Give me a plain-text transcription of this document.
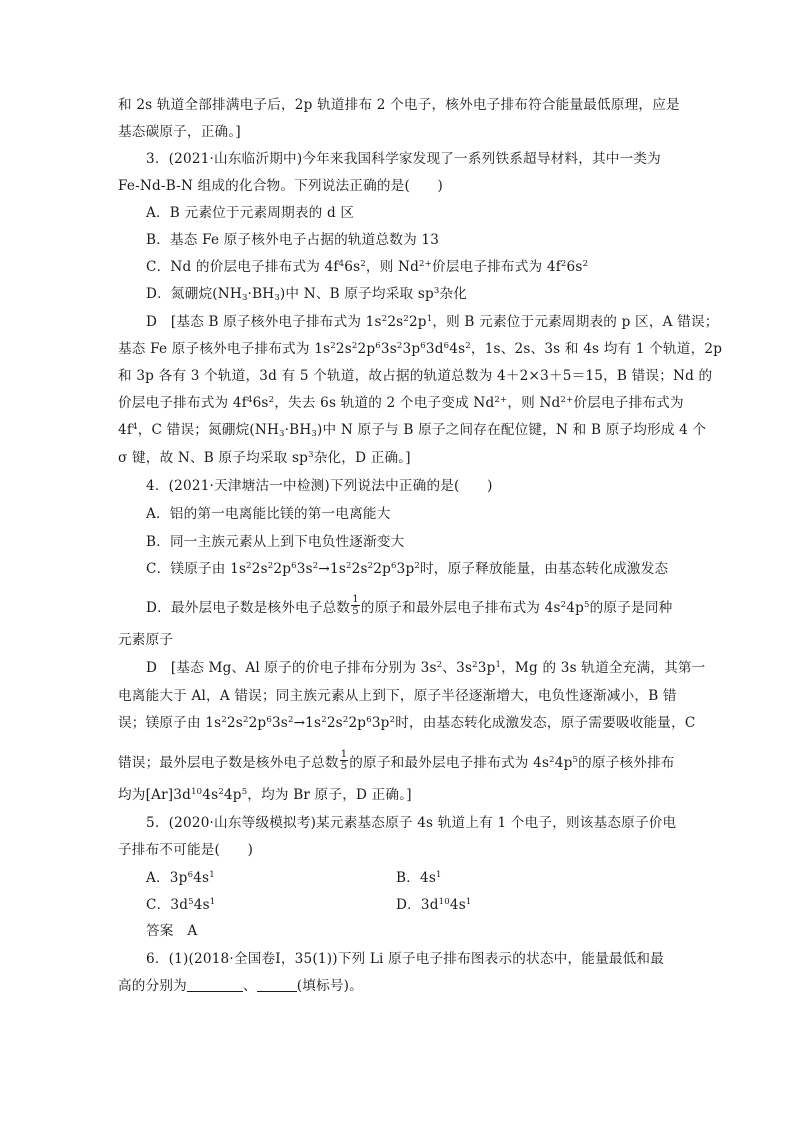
和 2s 轨道全部排满电子后，2p 轨道排布 2 个电子，核外电子排布符合能量最低原理，应是
基态碳原子，正确。]
3．(2021·山东临沂期中)今年来我国科学家发现了一系列铁系超导材料，其中一类为
Fe-Nd-B-N 组成的化合物。下列说法正确的是(　　)
A．B 元素位于元素周期表的 d 区
B．基态 Fe 原子核外电子占据的轨道总数为 13
C．Nd 的价层电子排布式为 $4f^46s^2$，则 $Nd^{2+}$价层电子排布式为 $4f^26s^2$
D．氮硼烷$(NH_3\cdot BH_3)$中 N、B 原子均采取 $sp^3$杂化
D　[基态 B 原子核外电子排布式为 $1s^22s^22p^1$，则 B 元素位于元素周期表的 p 区，A 错误；
基态 Fe 原子核外电子排布式为 $1s^22s^22p^63s^23p^63d^64s^2$，1s、2s、3s 和 4s 均有 1 个轨道，2p
和 3p 各有 3 个轨道，3d 有 5 个轨道，故占据的轨道总数为 4＋2×3＋5＝15，B 错误；Nd 的
价层电子排布式为 $4f^46s^2$，失去 6s 轨道的 2 个电子变成 $Nd^{2+}$，则 $Nd^{2+}$价层电子排布式为
$4f^4$，C 错误；氮硼烷$(NH_3\cdot BH_3)$中 N 原子与 B 原子之间存在配位键，N 和 B 原子均形成 4 个
σ 键，故 N、B 原子均采取 $sp^3$杂化，D 正确。]
4．(2021·天津塘沽一中检测)下列说法中正确的是(　　)
A．铝的第一电离能比镁的第一电离能大
B．同一主族元素从上到下电负性逐渐变大
C．镁原子由 $1s^22s^22p^63s^2\to 1s^22s^22p^63p^2$时，原子释放能量，由基态转化成激发态
D．最外层电子数是核外电子总数 $\frac{1}{5}$ 的原子和最外层电子排布式为 $4s^24p^5$的原子是同种
元素原子
D　[基态 Mg、Al 原子的价电子排布分别为 $3s^2$、$3s^23p^1$，Mg 的 3s 轨道全充满，其第一
电离能大于 Al，A 错误；同主族元素从上到下，原子半径逐渐增大，电负性逐渐减小，B 错
误；镁原子由 $1s^22s^22p^63s^2\to 1s^22s^22p^63p^2$时，由基态转化成激发态，原子需要吸收能量，C
错误；最外层电子数是核外电子总数 $\frac{1}{5}$ 的原子和最外层电子排布式为 $4s^24p^5$的原子核外排布
均为$[Ar]3d^{10}4s^24p^5$，均为 Br 原子，D 正确。]
5．(2020·山东等级模拟考)某元素基态原子 4s 轨道上有 1 个电子，则该基态原子价电
子排布不可能是(　　)
A．$3p^64s^1$	B．$4s^1$
C．$3d^54s^1$	D．$3d^{10}4s^1$
答案　A
6．(1)(2018·全国卷Ⅰ，35(1))下列 Li 原子电子排布图表示的状态中，能量最低和最
高的分别为	、	(填标号)。
